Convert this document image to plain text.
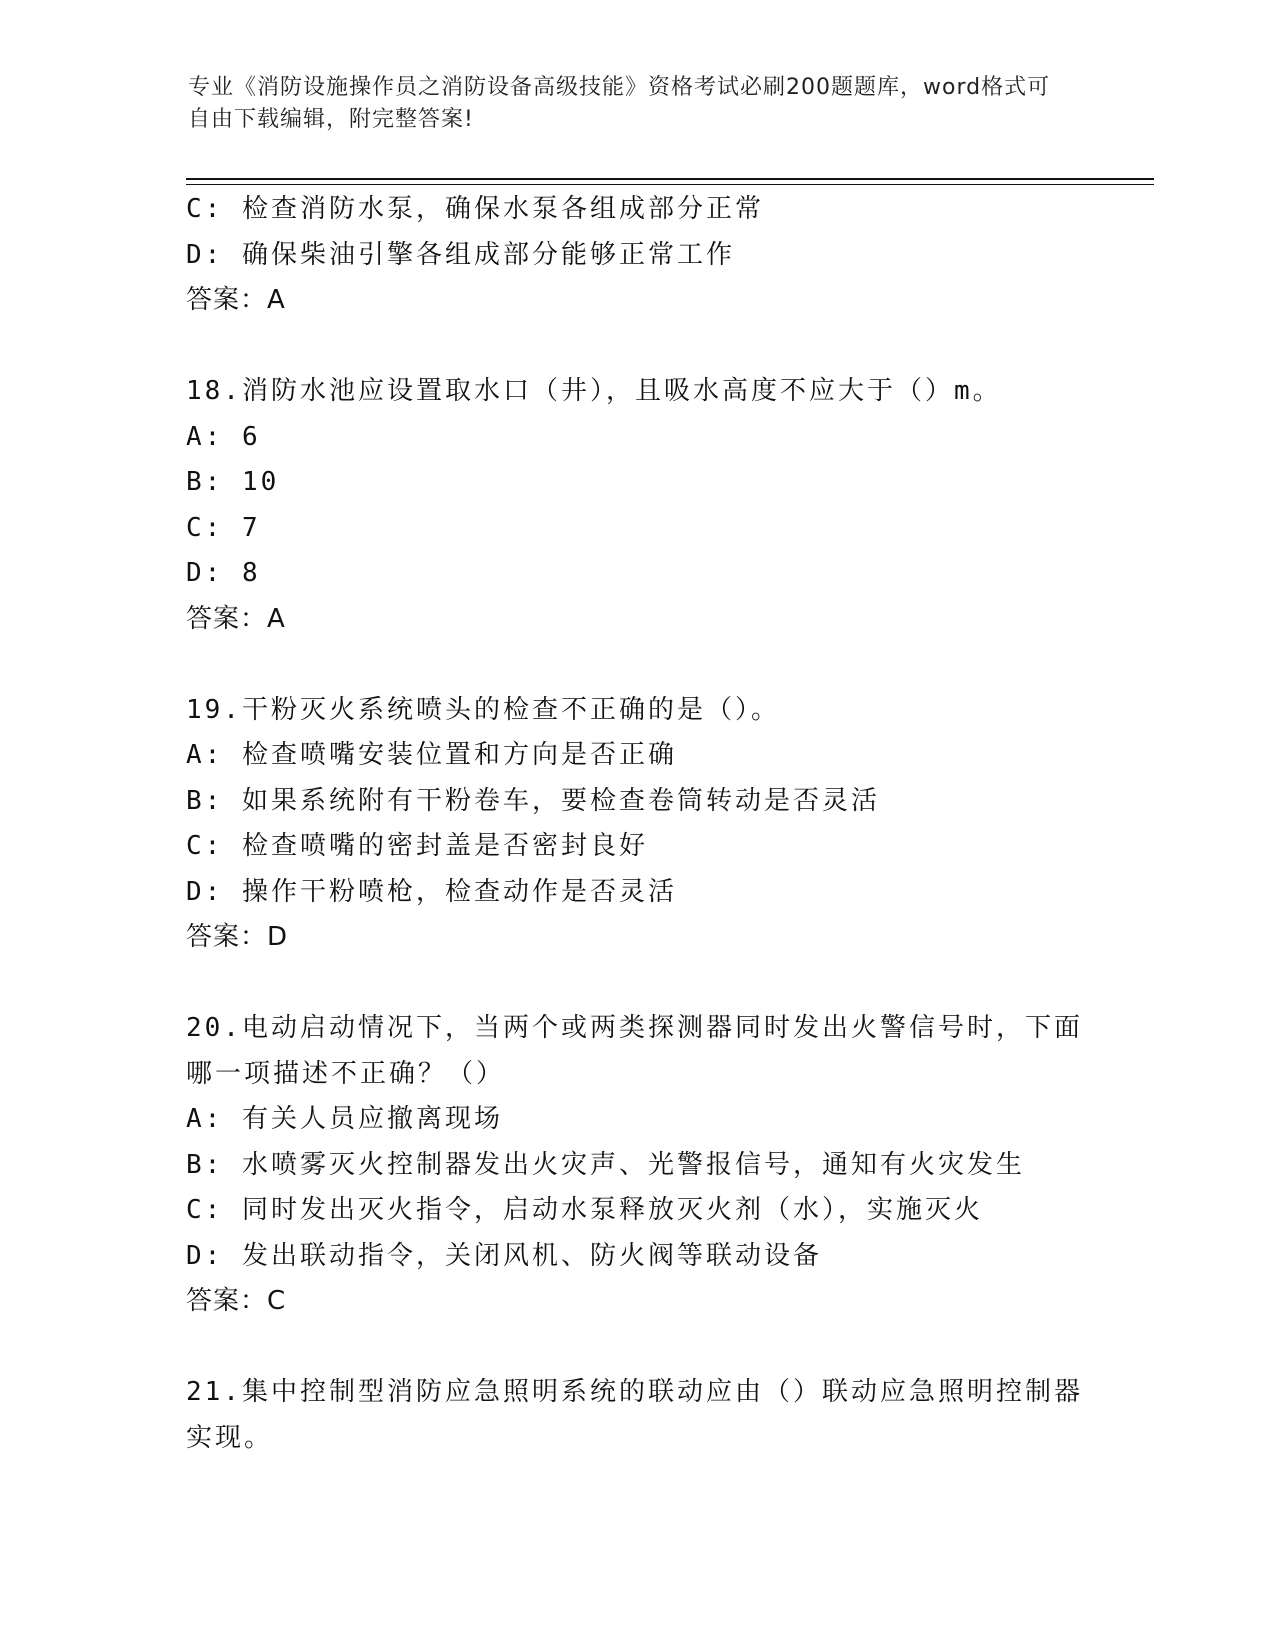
专业《消防设施操作员之消防设备高级技能》资格考试必刷200题题库，word格式可自由下载编辑，附完整答案!
C: 检查消防水泵，确保水泵各组成部分正常
D: 确保柴油引擎各组成部分能够正常工作
答案：A
18.消防水池应设置取水口（井），且吸水高度不应大于（）m。
A: 6
B: 10
C: 7
D: 8
答案：A
19.干粉灭火系统喷头的检查不正确的是（）。
A: 检查喷嘴安装位置和方向是否正确
B: 如果系统附有干粉卷车，要检查卷筒转动是否灵活
C: 检查喷嘴的密封盖是否密封良好
D: 操作干粉喷枪，检查动作是否灵活
答案：D
20.电动启动情况下，当两个或两类探测器同时发出火警信号时，下面
哪一项描述不正确？（）
A: 有关人员应撤离现场
B: 水喷雾灭火控制器发出火灾声、光警报信号，通知有火灾发生
C: 同时发出灭火指令，启动水泵释放灭火剂（水），实施灭火
D: 发出联动指令，关闭风机、防火阀等联动设备
答案：C
21.集中控制型消防应急照明系统的联动应由（）联动应急照明控制器
实现。
